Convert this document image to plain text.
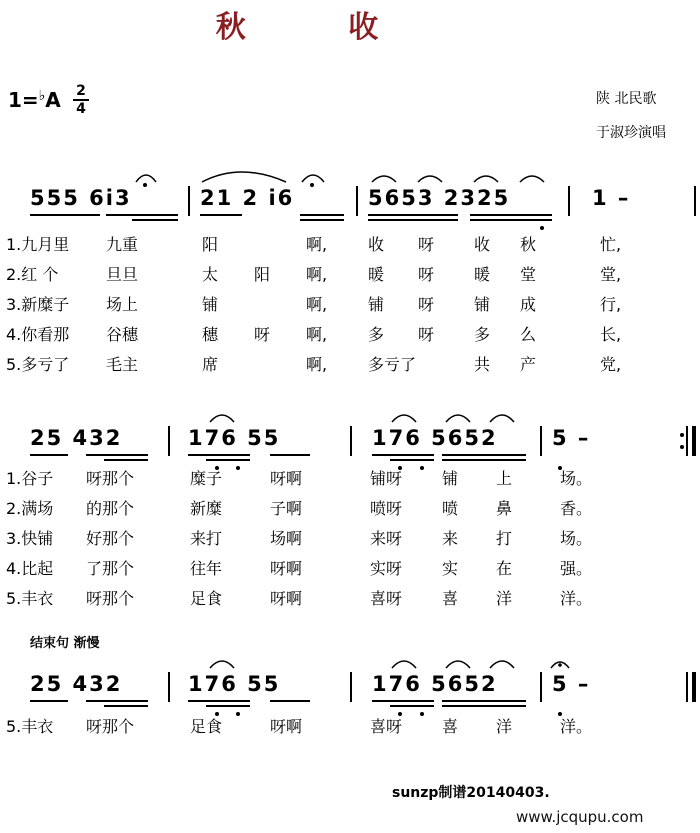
秋 收
1=♭A 2
4
陕 北民歌
于淑珍演唱
555 6i3	21 2 i6	5653 2325	1 –
1.九月里 九重	阳	啊,	收 呀 收 秋	忙,
2.红 个	旦旦	太 阳 啊,	暖 呀 暖 堂	堂,
3.新糜子 场上	铺	啊,	铺 呀 铺 成	行,
4.你看那 谷穗	穗 呀 啊,	多 呀 多 么	长,
5.多亏了 毛主	席	啊,	多亏了	共 产	党,
25 432	176 55	176 5652	5 –
1.谷子 呀那个	糜子	呀啊	铺呀 铺 上	场。
2.满场 的那个	新糜	子啊	喷呀 喷 鼻	香。
3.快铺 好那个	来打	场啊	来呀 来 打	场。
4.比起 了那个	往年	呀啊	实呀 实 在	强。
5.丰衣 呀那个	足食	呀啊	喜呀 喜 洋	洋。
结束句 渐慢
25 432	176 55	176 5652	5 –
5.丰衣 呀那个	足食	呀啊	喜呀 喜 洋	洋。
sunzp制谱20140403.
www.jcqupu.com
